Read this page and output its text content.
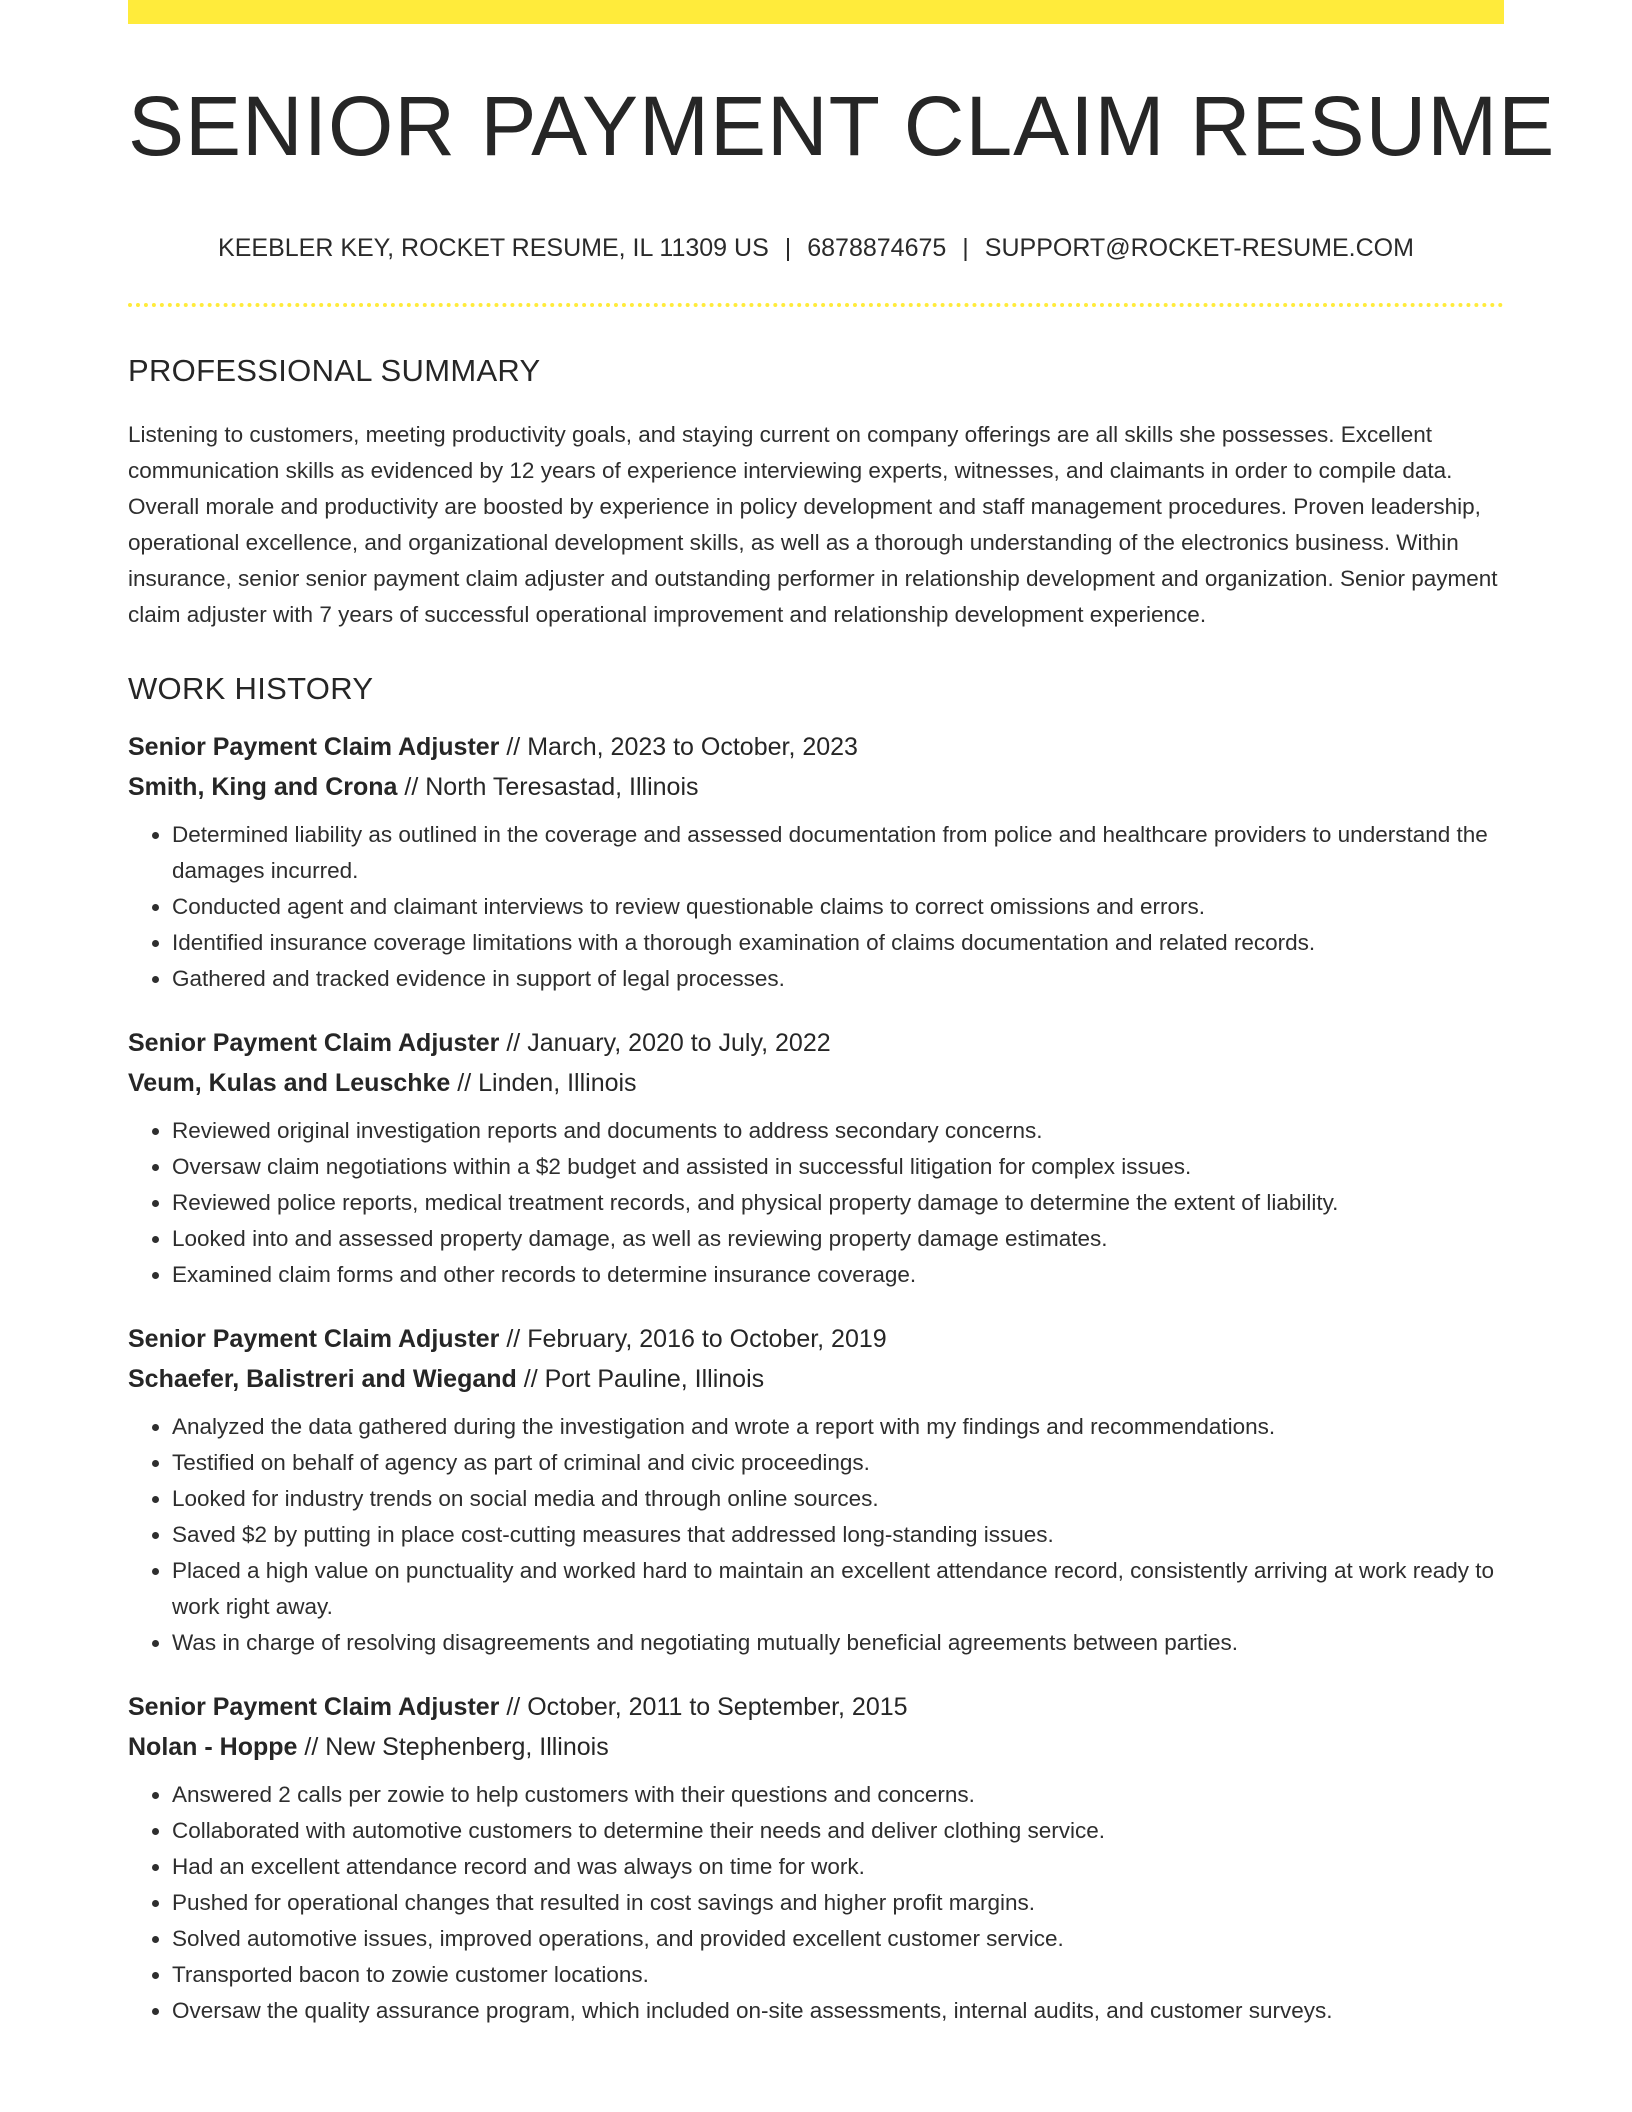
SENIOR PAYMENT CLAIM RESUME
KEEBLER KEY, ROCKET RESUME, IL 11309 US | 6878874675 | SUPPORT@ROCKET-RESUME.COM
PROFESSIONAL SUMMARY

Listening to customers, meeting productivity goals, and staying current on company offerings are all skills she possesses. Excellent communication skills as evidenced by 12 years of experience interviewing experts, witnesses, and claimants in order to compile data. Overall morale and productivity are boosted by experience in policy development and staff management procedures. Proven leadership, operational excellence, and organizational development skills, as well as a thorough understanding of the electronics business. Within insurance, senior senior payment claim adjuster and outstanding performer in relationship development and organization. Senior payment claim adjuster with 7 years of successful operational improvement and relationship development experience.

WORK HISTORY
Senior Payment Claim Adjuster // March, 2023 to October, 2023
Smith, King and Crona // North Teresastad, Illinois
• Determined liability as outlined in the coverage and assessed documentation from police and healthcare providers to understand the damages incurred.
• Conducted agent and claimant interviews to review questionable claims to correct omissions and errors.
• Identified insurance coverage limitations with a thorough examination of claims documentation and related records.
• Gathered and tracked evidence in support of legal processes.
Senior Payment Claim Adjuster // January, 2020 to July, 2022
Veum, Kulas and Leuschke // Linden, Illinois
• Reviewed original investigation reports and documents to address secondary concerns.
• Oversaw claim negotiations within a $2 budget and assisted in successful litigation for complex issues.
• Reviewed police reports, medical treatment records, and physical property damage to determine the extent of liability.
• Looked into and assessed property damage, as well as reviewing property damage estimates.
• Examined claim forms and other records to determine insurance coverage.
Senior Payment Claim Adjuster // February, 2016 to October, 2019
Schaefer, Balistreri and Wiegand // Port Pauline, Illinois
• Analyzed the data gathered during the investigation and wrote a report with my findings and recommendations.
• Testified on behalf of agency as part of criminal and civic proceedings.
• Looked for industry trends on social media and through online sources.
• Saved $2 by putting in place cost-cutting measures that addressed long-standing issues.
• Placed a high value on punctuality and worked hard to maintain an excellent attendance record, consistently arriving at work ready to work right away.
• Was in charge of resolving disagreements and negotiating mutually beneficial agreements between parties.
Senior Payment Claim Adjuster // October, 2011 to September, 2015
Nolan - Hoppe // New Stephenberg, Illinois
• Answered 2 calls per zowie to help customers with their questions and concerns.
• Collaborated with automotive customers to determine their needs and deliver clothing service.
• Had an excellent attendance record and was always on time for work.
• Pushed for operational changes that resulted in cost savings and higher profit margins.
• Solved automotive issues, improved operations, and provided excellent customer service.
• Transported bacon to zowie customer locations.
• Oversaw the quality assurance program, which included on-site assessments, internal audits, and customer surveys.
